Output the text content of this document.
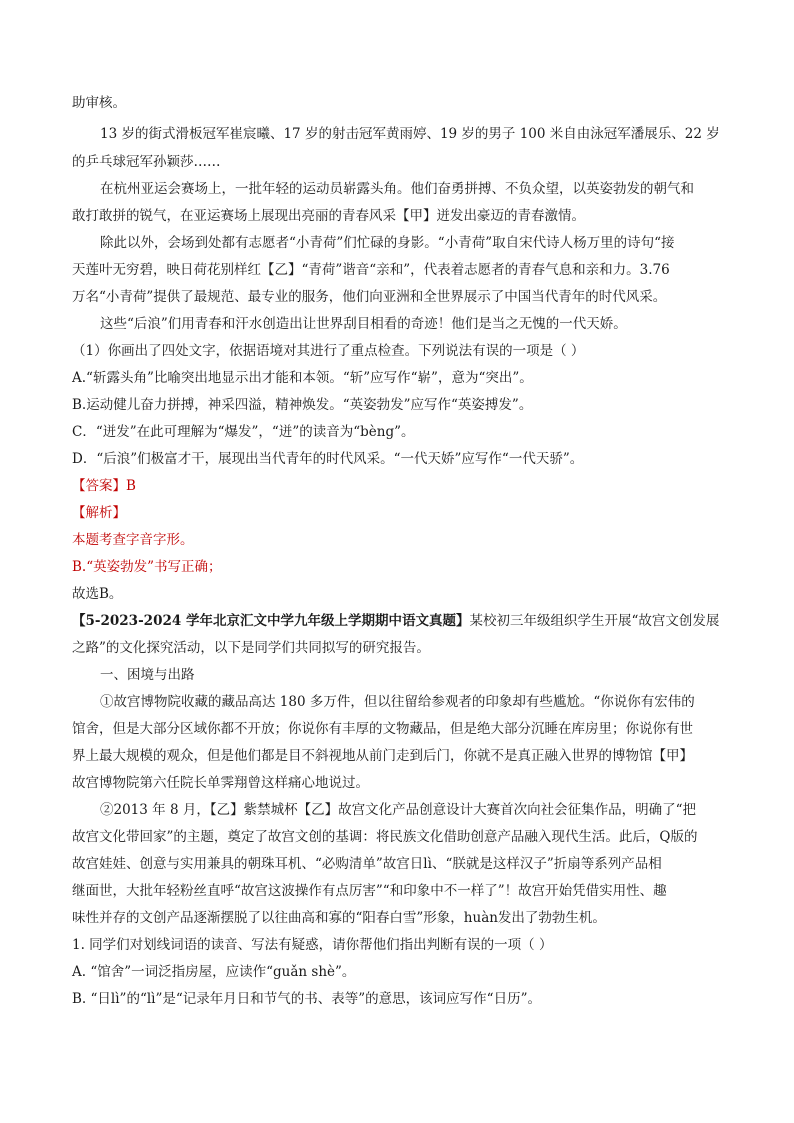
助审核。
13 岁的街式滑板冠军崔宸曦、17 岁的射击冠军黄雨婷、19 岁的男子 100 米自由泳冠军潘展乐、22 岁
的乒乓球冠军孙颖莎……
在杭州亚运会赛场上，一批年轻的运动员崭露头角。他们奋勇拼搏、不负众望，以英姿勃发的朝气和
敢打敢拼的锐气，在亚运赛场上展现出亮丽的青春风采【甲】迸发出豪迈的青春激情。
除此以外，会场到处都有志愿者“小青荷”们忙碌的身影。“小青荷”取自宋代诗人杨万里的诗句“接
天莲叶无穷碧，映日荷花别样红【乙】“青荷”谐音“亲和”，代表着志愿者的青春气息和亲和力。3.76
万名“小青荷”提供了最规范、最专业的服务，他们向亚洲和全世界展示了中国当代青年的时代风采。
这些“后浪”们用青春和汗水创造出让世界刮目相看的奇迹！他们是当之无愧的一代天娇。
（1）你画出了四处文字，依据语境对其进行了重点检查。下列说法有误的一项是（ ）
A.“斩露头角”比喻突出地显示出才能和本领。“斩”应写作“崭”，意为“突出”。
B.运动健儿奋力拼搏，神采四溢，精神焕发。“英姿勃发”应写作“英姿搏发”。
C．“迸发”在此可理解为“爆发”，“迸”的读音为“bèng”。
D．“后浪”们极富才干，展现出当代青年的时代风采。“一代天娇”应写作“一代天骄”。
【答案】B
【解析】
本题考查字音字形。
B.“英姿勃发”书写正确；
故选B。
【5-2023-2024 学年北京汇文中学九年级上学期期中语文真题】某校初三年级组织学生开展“故宫文创发展
之路”的文化探究活动，以下是同学们共同拟写的研究报告。
一、困境与出路
①故宫博物院收藏的藏品高达 180 多万件，但以往留给参观者的印象却有些尴尬。“你说你有宏伟的
馆舍，但是大部分区域你都不开放；你说你有丰厚的文物藏品，但是绝大部分沉睡在库房里；你说你有世
界上最大规模的观众，但是他们都是目不斜视地从前门走到后门，你就不是真正融入世界的博物馆【甲】
故宫博物院第六任院长单霁翔曾这样痛心地说过。
②2013 年 8 月，【乙】紫禁城杯【乙】故宫文化产品创意设计大赛首次向社会征集作品，明确了“把
故宫文化带回家”的主题，奠定了故宫文创的基调：将民族文化借助创意产品融入现代生活。此后，Q版的
故宫娃娃、创意与实用兼具的朝珠耳机、“必购清单”故宫日lì、“朕就是这样汉子”折扇等系列产品相
继面世，大批年轻粉丝直呼“故宫这波操作有点厉害”“和印象中不一样了”！故宫开始凭借实用性、趣
味性并存的文创产品逐渐摆脱了以往曲高和寡的“阳春白雪”形象，huàn发出了勃勃生机。
1. 同学们对划线词语的读音、写法有疑惑，请你帮他们指出判断有误的一项（ ）
A. “馆舍”一词泛指房屋，应读作“guǎn shè”。
B. “日lì”的“lì”是“记录年月日和节气的书、表等”的意思，该词应写作“日历”。
